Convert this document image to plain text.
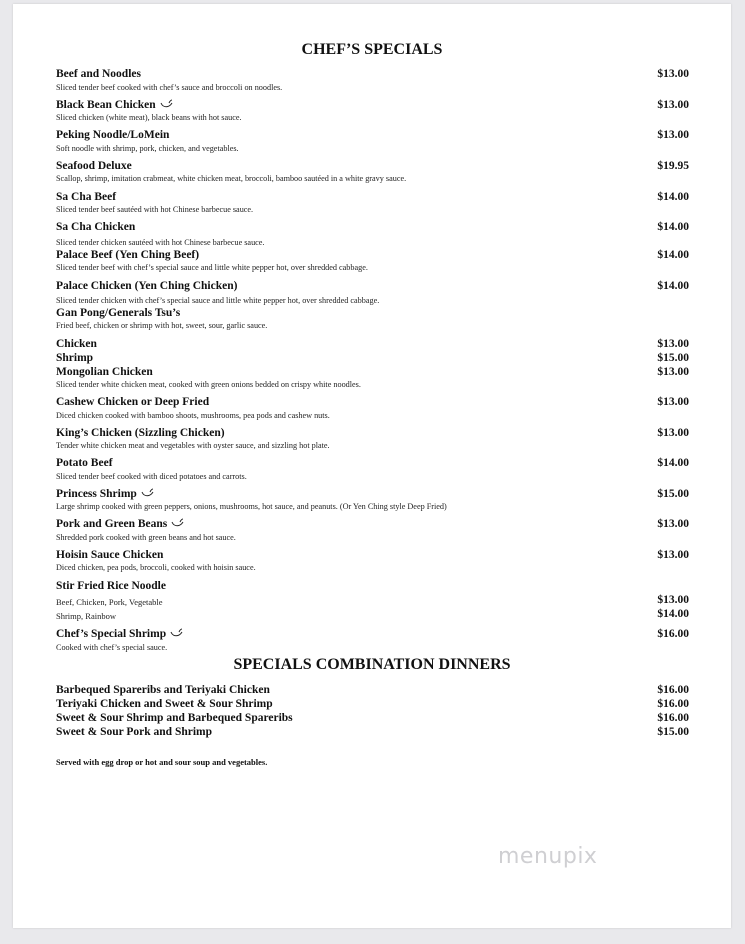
CHEF’S SPECIALS
Beef and Noodles
Sliced tender beef cooked with chef’s sauce and broccoli on noodles.
$13.00
Black Bean Chicken
Sliced chicken (white meat), black beans with hot sauce.
$13.00
Peking Noodle/LoMein
Soft noodle with shrimp, pork, chicken, and vegetables.
$13.00
Seafood Deluxe
Scallop, shrimp, imitation crabmeat, white chicken meat, broccoli, bamboo sautéed in a white gravy sauce.
$19.95
Sa Cha Beef
Sliced tender beef sautéed with hot Chinese barbecue sauce.
$14.00
Sa Cha Chicken
Sliced tender chicken sautéed with hot Chinese barbecue sauce.
$14.00
Palace Beef (Yen Ching Beef)
Sliced tender beef with chef’s special sauce and little white pepper hot, over shredded cabbage.
$14.00
Palace Chicken (Yen Ching Chicken)
Sliced tender chicken with chef’s special sauce and little white pepper hot, over shredded cabbage.
$14.00
Gan Pong/Generals Tsu’s
Fried beef, chicken or shrimp with hot, sweet, sour, garlic sauce.
Chicken	$13.00
Shrimp	$15.00
Mongolian Chicken
Sliced tender white chicken meat, cooked with green onions bedded on crispy white noodles.
$13.00
Cashew Chicken or Deep Fried
Diced chicken cooked with bamboo shoots, mushrooms, pea pods and cashew nuts.
$13.00
King’s Chicken (Sizzling Chicken)
Tender white chicken meat and vegetables with oyster sauce, and sizzling hot plate.
$13.00
Potato Beef
Sliced tender beef cooked with diced potatoes and carrots.
$14.00
Princess Shrimp
Large shrimp cooked with green peppers, onions, mushrooms, hot sauce, and peanuts. (Or Yen Ching style Deep Fried)
$15.00
Pork and Green Beans
Shredded pork cooked with green beans and hot sauce.
$13.00
Hoisin Sauce Chicken
Diced chicken, pea pods, broccoli, cooked with hoisin sauce.
$13.00
Stir Fried Rice Noodle
Beef, Chicken, Pork, Vegetable	$13.00
Shrimp, Rainbow	$14.00
Chef’s Special Shrimp
Cooked with chef’s special sauce.
$16.00
SPECIALS COMBINATION DINNERS
Barbequed Spareribs and Teriyaki Chicken	$16.00
Teriyaki Chicken and Sweet & Sour Shrimp	$16.00
Sweet & Sour Shrimp and Barbequed Spareribs	$16.00
Sweet & Sour Pork and Shrimp	$15.00
Served with egg drop or hot and sour soup and vegetables.
menupix
